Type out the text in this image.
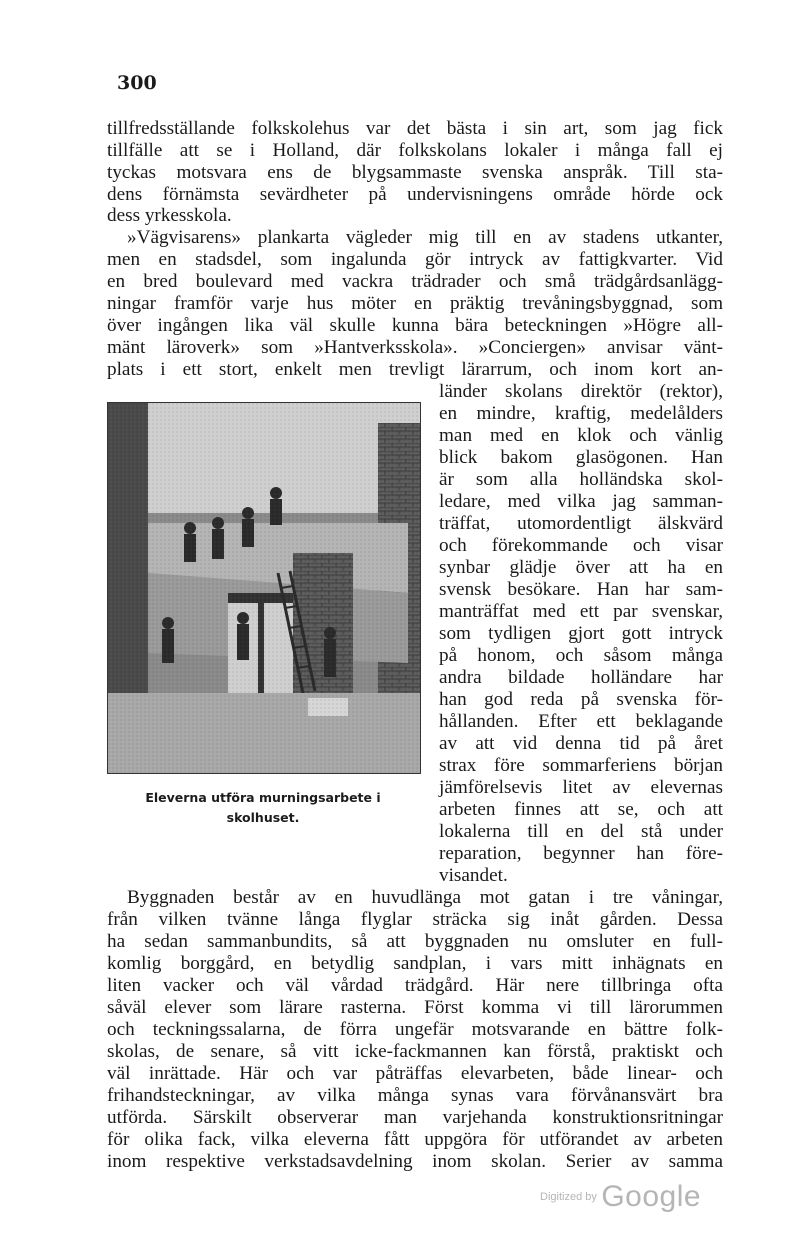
300
tillfredsställande folkskolehus var det bästa i sin art, som jag fick
tillfälle att se i Holland, där folkskolans lokaler i många fall ej
tyckas motsvara ens de blygsammaste svenska anspråk. Till sta-
dens förnämsta sevärdheter på undervisningens område hörde ock
dess yrkesskola.
»Vägvisarens» plankarta vägleder mig till en av stadens utkanter,
men en stadsdel, som ingalunda gör intryck av fattigkvarter. Vid
en bred boulevard med vackra trädrader och små trädgårdsanlägg-
ningar framför varje hus möter en präktig trevåningsbyggnad, som
över ingången lika väl skulle kunna bära beteckningen »Högre all-
mänt läroverk» som »Hantverksskola». »Conciergen» anvisar vänt-
plats i ett stort, enkelt men trevligt lärarrum, och inom kort an-
Eleverna utföra murningsarbete i
skolhuset.
länder skolans direktör (rektor),
en mindre, kraftig, medelålders
man med en klok och vänlig
blick bakom glasögonen. Han
är som alla holländska skol-
ledare, med vilka jag samman-
träffat, utomordentligt älskvärd
och förekommande och visar
synbar glädje över att ha en
svensk besökare. Han har sam-
manträffat med ett par svenskar,
som tydligen gjort gott intryck
på honom, och såsom många
andra bildade holländare har
han god reda på svenska för-
hållanden. Efter ett beklagande
av att vid denna tid på året
strax före sommarferiens början
jämförelsevis litet av elevernas
arbeten finnes att se, och att
lokalerna till en del stå under
reparation, begynner han före-
visandet.
Byggnaden består av en huvudlänga mot gatan i tre våningar,
från vilken tvänne långa flyglar sträcka sig inåt gården. Dessa
ha sedan sammanbundits, så att byggnaden nu omsluter en full-
komlig borggård, en betydlig sandplan, i vars mitt inhägnats en
liten vacker och väl vårdad trädgård. Här nere tillbringa ofta
såväl elever som lärare rasterna. Först komma vi till lärorummen
och teckningssalarna, de förra ungefär motsvarande en bättre folk-
skolas, de senare, så vitt icke-fackmannen kan förstå, praktiskt och
väl inrättade. Här och var påträffas elevarbeten, både linear- och
frihandsteckningar, av vilka många synas vara förvånansvärt bra
utförda. Särskilt observerar man varjehanda konstruktionsritningar
för olika fack, vilka eleverna fått uppgöra för utförandet av arbeten
inom respektive verkstadsavdelning inom skolan. Serier av samma
Digitized by Google
